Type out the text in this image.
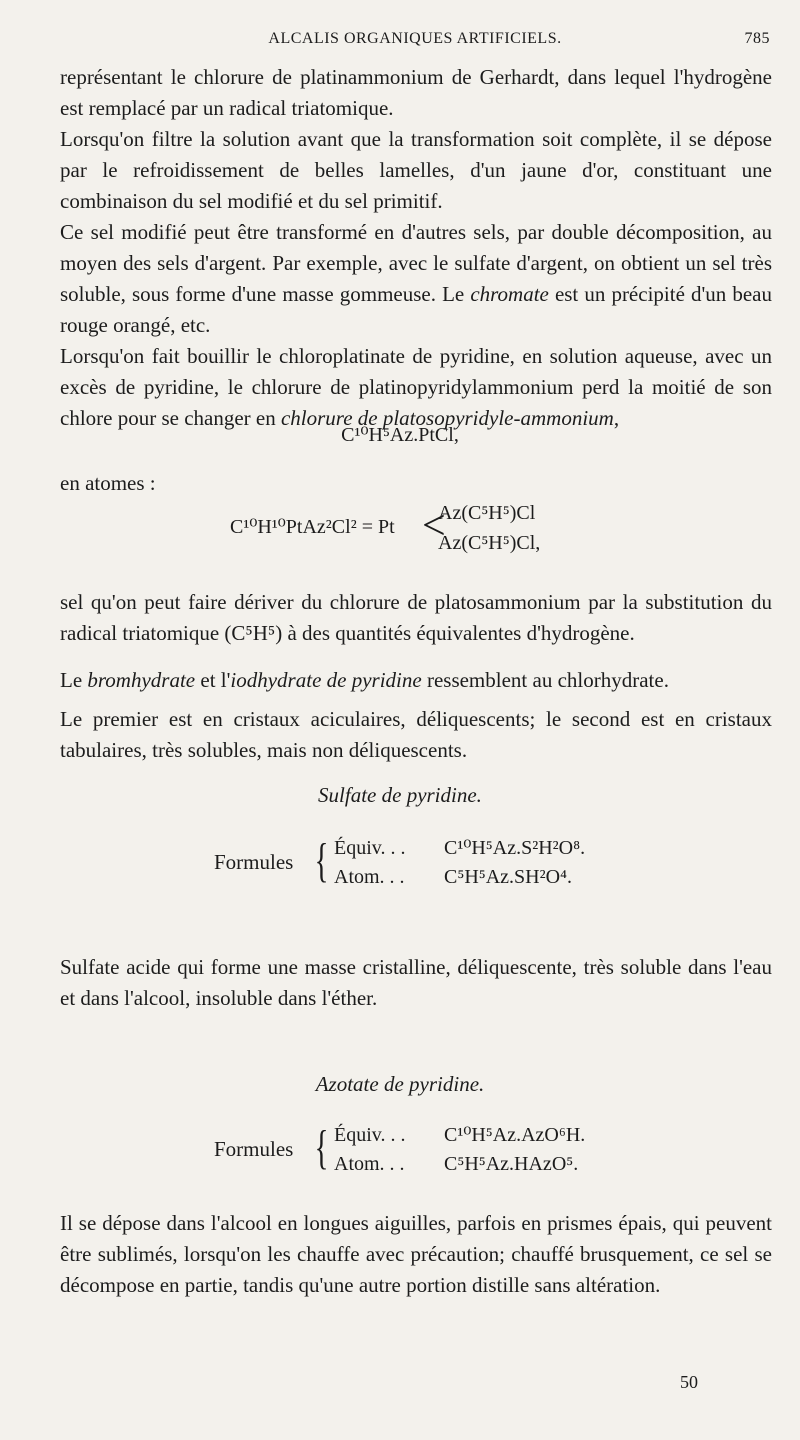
ALCALIS ORGANIQUES ARTIFICIELS.	785

représentant le chlorure de platinammonium de Gerhardt, dans lequel l'hydrogène est remplacé par un radical triatomique.

Lorsqu'on filtre la solution avant que la transformation soit complète, il se dépose par le refroidissement de belles lamelles, d'un jaune d'or, constituant une combinaison du sel modifié et du sel primitif.

Ce sel modifié peut être transformé en d'autres sels, par double décomposition, au moyen des sels d'argent. Par exemple, avec le sulfate d'argent, on obtient un sel très soluble, sous forme d'une masse gommeuse. Le chromate est un précipité d'un beau rouge orangé, etc.

Lorsqu'on fait bouillir le chloroplatinate de pyridine, en solution aqueuse, avec un excès de pyridine, le chlorure de platinopyridylammonium perd la moitié de son chlore pour se changer en chlorure de platosopyridyle-ammonium,

C¹⁰H⁵Az.PtCl,

en atomes :

C¹⁰H¹⁰PtAz²Cl² = Pt <
Az(C⁵H⁵)Cl
Az(C⁵H⁵)Cl,

sel qu'on peut faire dériver du chlorure de platosammonium par la substitution du radical triatomique (C⁵H⁵) à des quantités équivalentes d'hydrogène.

Le bromhydrate et l'iodhydrate de pyridine ressemblent au chlorhydrate.

Le premier est en cristaux aciculaires, déliquescents; le second est en cristaux tabulaires, très solubles, mais non déliquescents.

Sulfate de pyridine.
Formules { Équiv. . . C¹⁰H⁵Az.S²H²O⁸.
Atom. . . C⁵H⁵Az.SH²O⁴.

Sulfate acide qui forme une masse cristalline, déliquescente, très soluble dans l'eau et dans l'alcool, insoluble dans l'éther.

Azotate de pyridine.
Formules { Équiv. . . C¹⁰H⁵Az.AzO⁶H.
Atom. . . C⁵H⁵Az.HAzO⁵.

Il se dépose dans l'alcool en longues aiguilles, parfois en prismes épais, qui peuvent être sublimés, lorsqu'on les chauffe avec précaution; chauffé brusquement, ce sel se décompose en partie, tandis qu'une autre portion distille sans altération.

50
